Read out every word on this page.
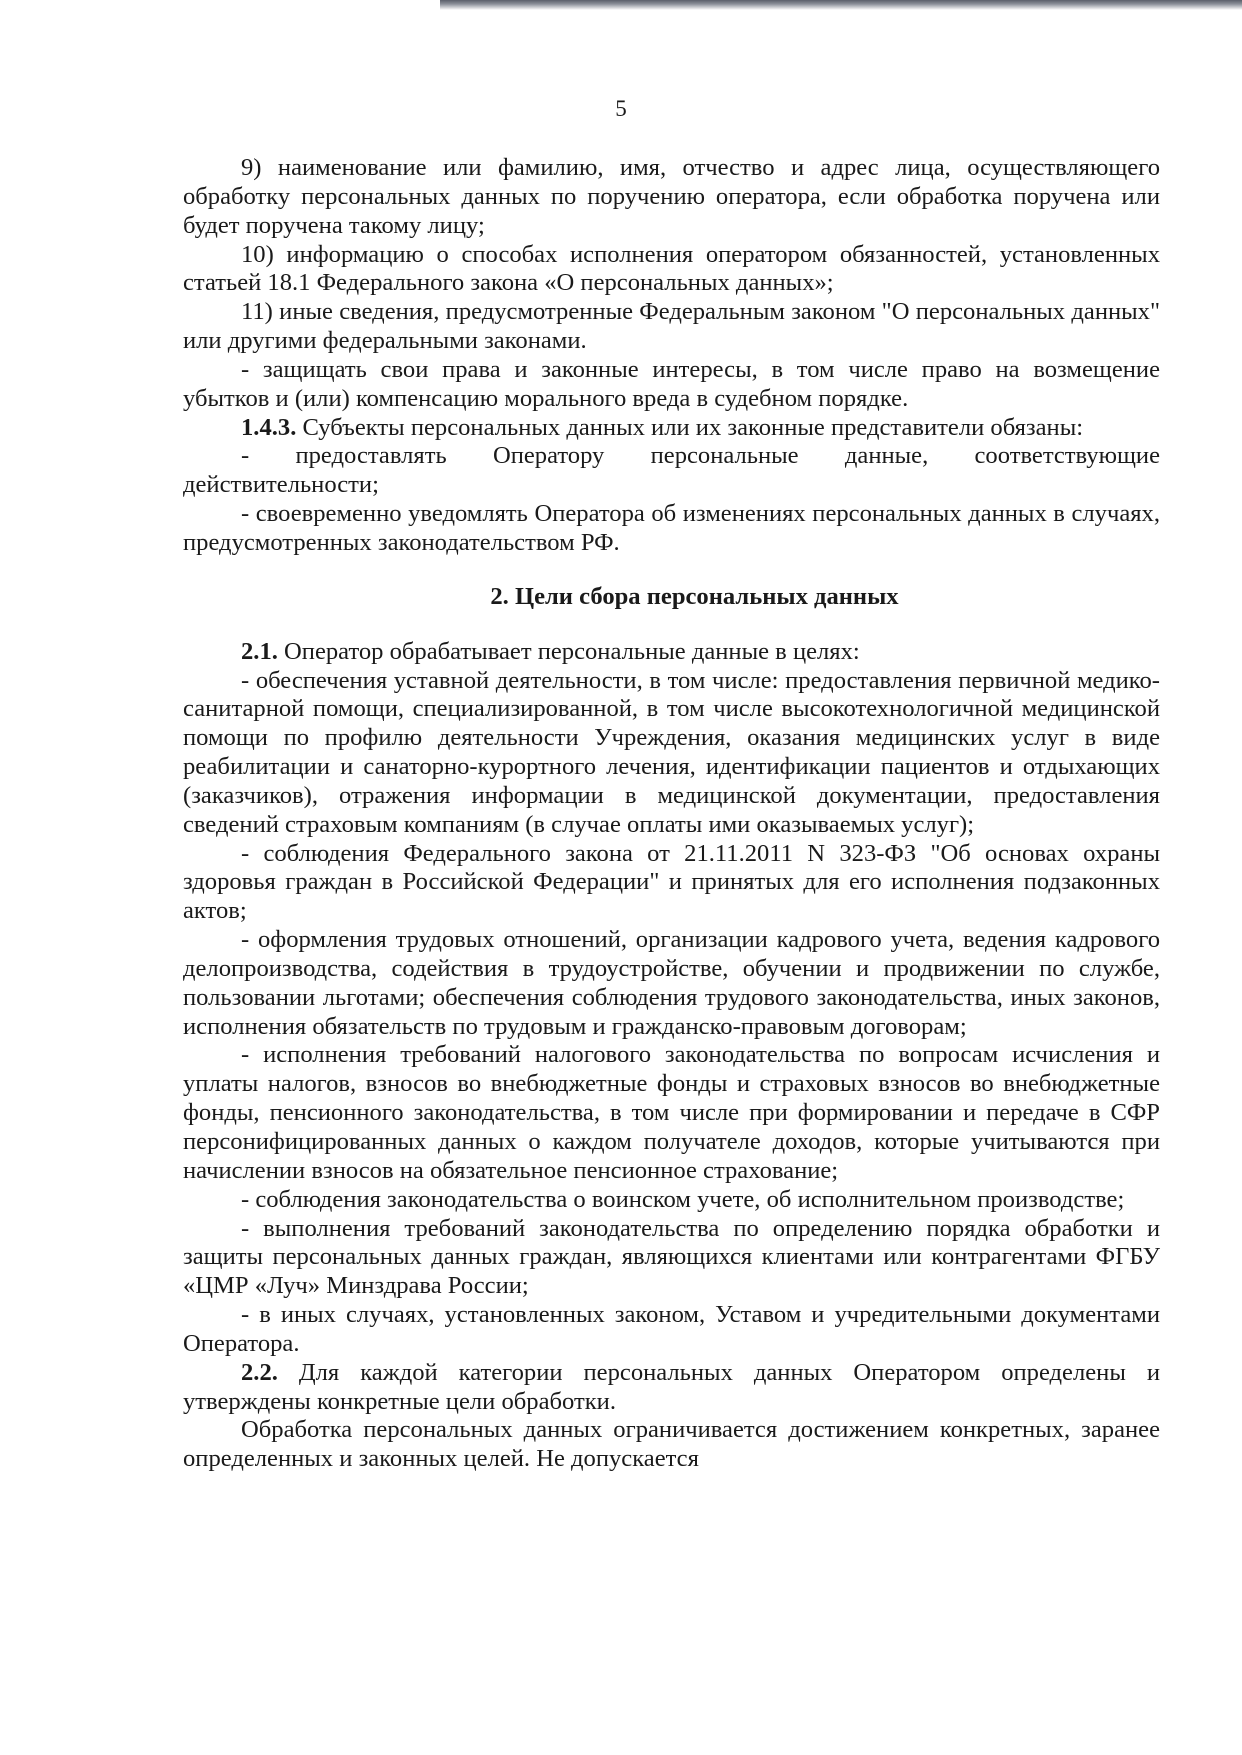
5

9) наименование или фамилию, имя, отчество и адрес лица, осуществляющего обработку персональных данных по поручению оператора, если обработка поручена или будет поручена такому лицу;

10) информацию о способах исполнения оператором обязанностей, установленных статьей 18.1 Федерального закона «О персональных данных»;

11) иные сведения, предусмотренные Федеральным законом "О персональных данных" или другими федеральными законами.

- защищать свои права и законные интересы, в том числе право на возмещение убытков и (или) компенсацию морального вреда в судебном порядке.

1.4.3. Субъекты персональных данных или их законные представители обязаны:

- предоставлять Оператору персональные данные, соответствующие действительности;

- своевременно уведомлять Оператора об изменениях персональных данных в случаях, предусмотренных законодательством РФ.

2. Цели сбора персональных данных

2.1. Оператор обрабатывает персональные данные в целях:

- обеспечения уставной деятельности, в том числе: предоставления первичной медико-санитарной помощи, специализированной, в том числе высокотехнологичной медицинской помощи по профилю деятельности Учреждения, оказания медицинских услуг в виде реабилитации и санаторно-курортного лечения, идентификации пациентов и отдыхающих (заказчиков), отражения информации в медицинской документации, предоставления сведений страховым компаниям (в случае оплаты ими оказываемых услуг);

- соблюдения Федерального закона от 21.11.2011 N 323-ФЗ "Об основах охраны здоровья граждан в Российской Федерации" и принятых для его исполнения подзаконных актов;

- оформления трудовых отношений, организации кадрового учета, ведения кадрового делопроизводства, содействия в трудоустройстве, обучении и продвижении по службе, пользовании льготами; обеспечения соблюдения трудового законодательства, иных законов, исполнения обязательств по трудовым и гражданско-правовым договорам;

- исполнения требований налогового законодательства по вопросам исчисления и уплаты налогов, взносов во внебюджетные фонды и страховых взносов во внебюджетные фонды, пенсионного законодательства, в том числе при формировании и передаче в СФР персонифицированных данных о каждом получателе доходов, которые учитываются при начислении взносов на обязательное пенсионное страхование;

- соблюдения законодательства о воинском учете, об исполнительном производстве;

- выполнения требований законодательства по определению порядка обработки и защиты персональных данных граждан, являющихся клиентами или контрагентами ФГБУ «ЦМР «Луч» Минздрава России;

- в иных случаях, установленных законом, Уставом и учредительными документами Оператора.

2.2. Для каждой категории персональных данных Оператором определены и утверждены конкретные цели обработки.

Обработка персональных данных ограничивается достижением конкретных, заранее определенных и законных целей. Не допускается
